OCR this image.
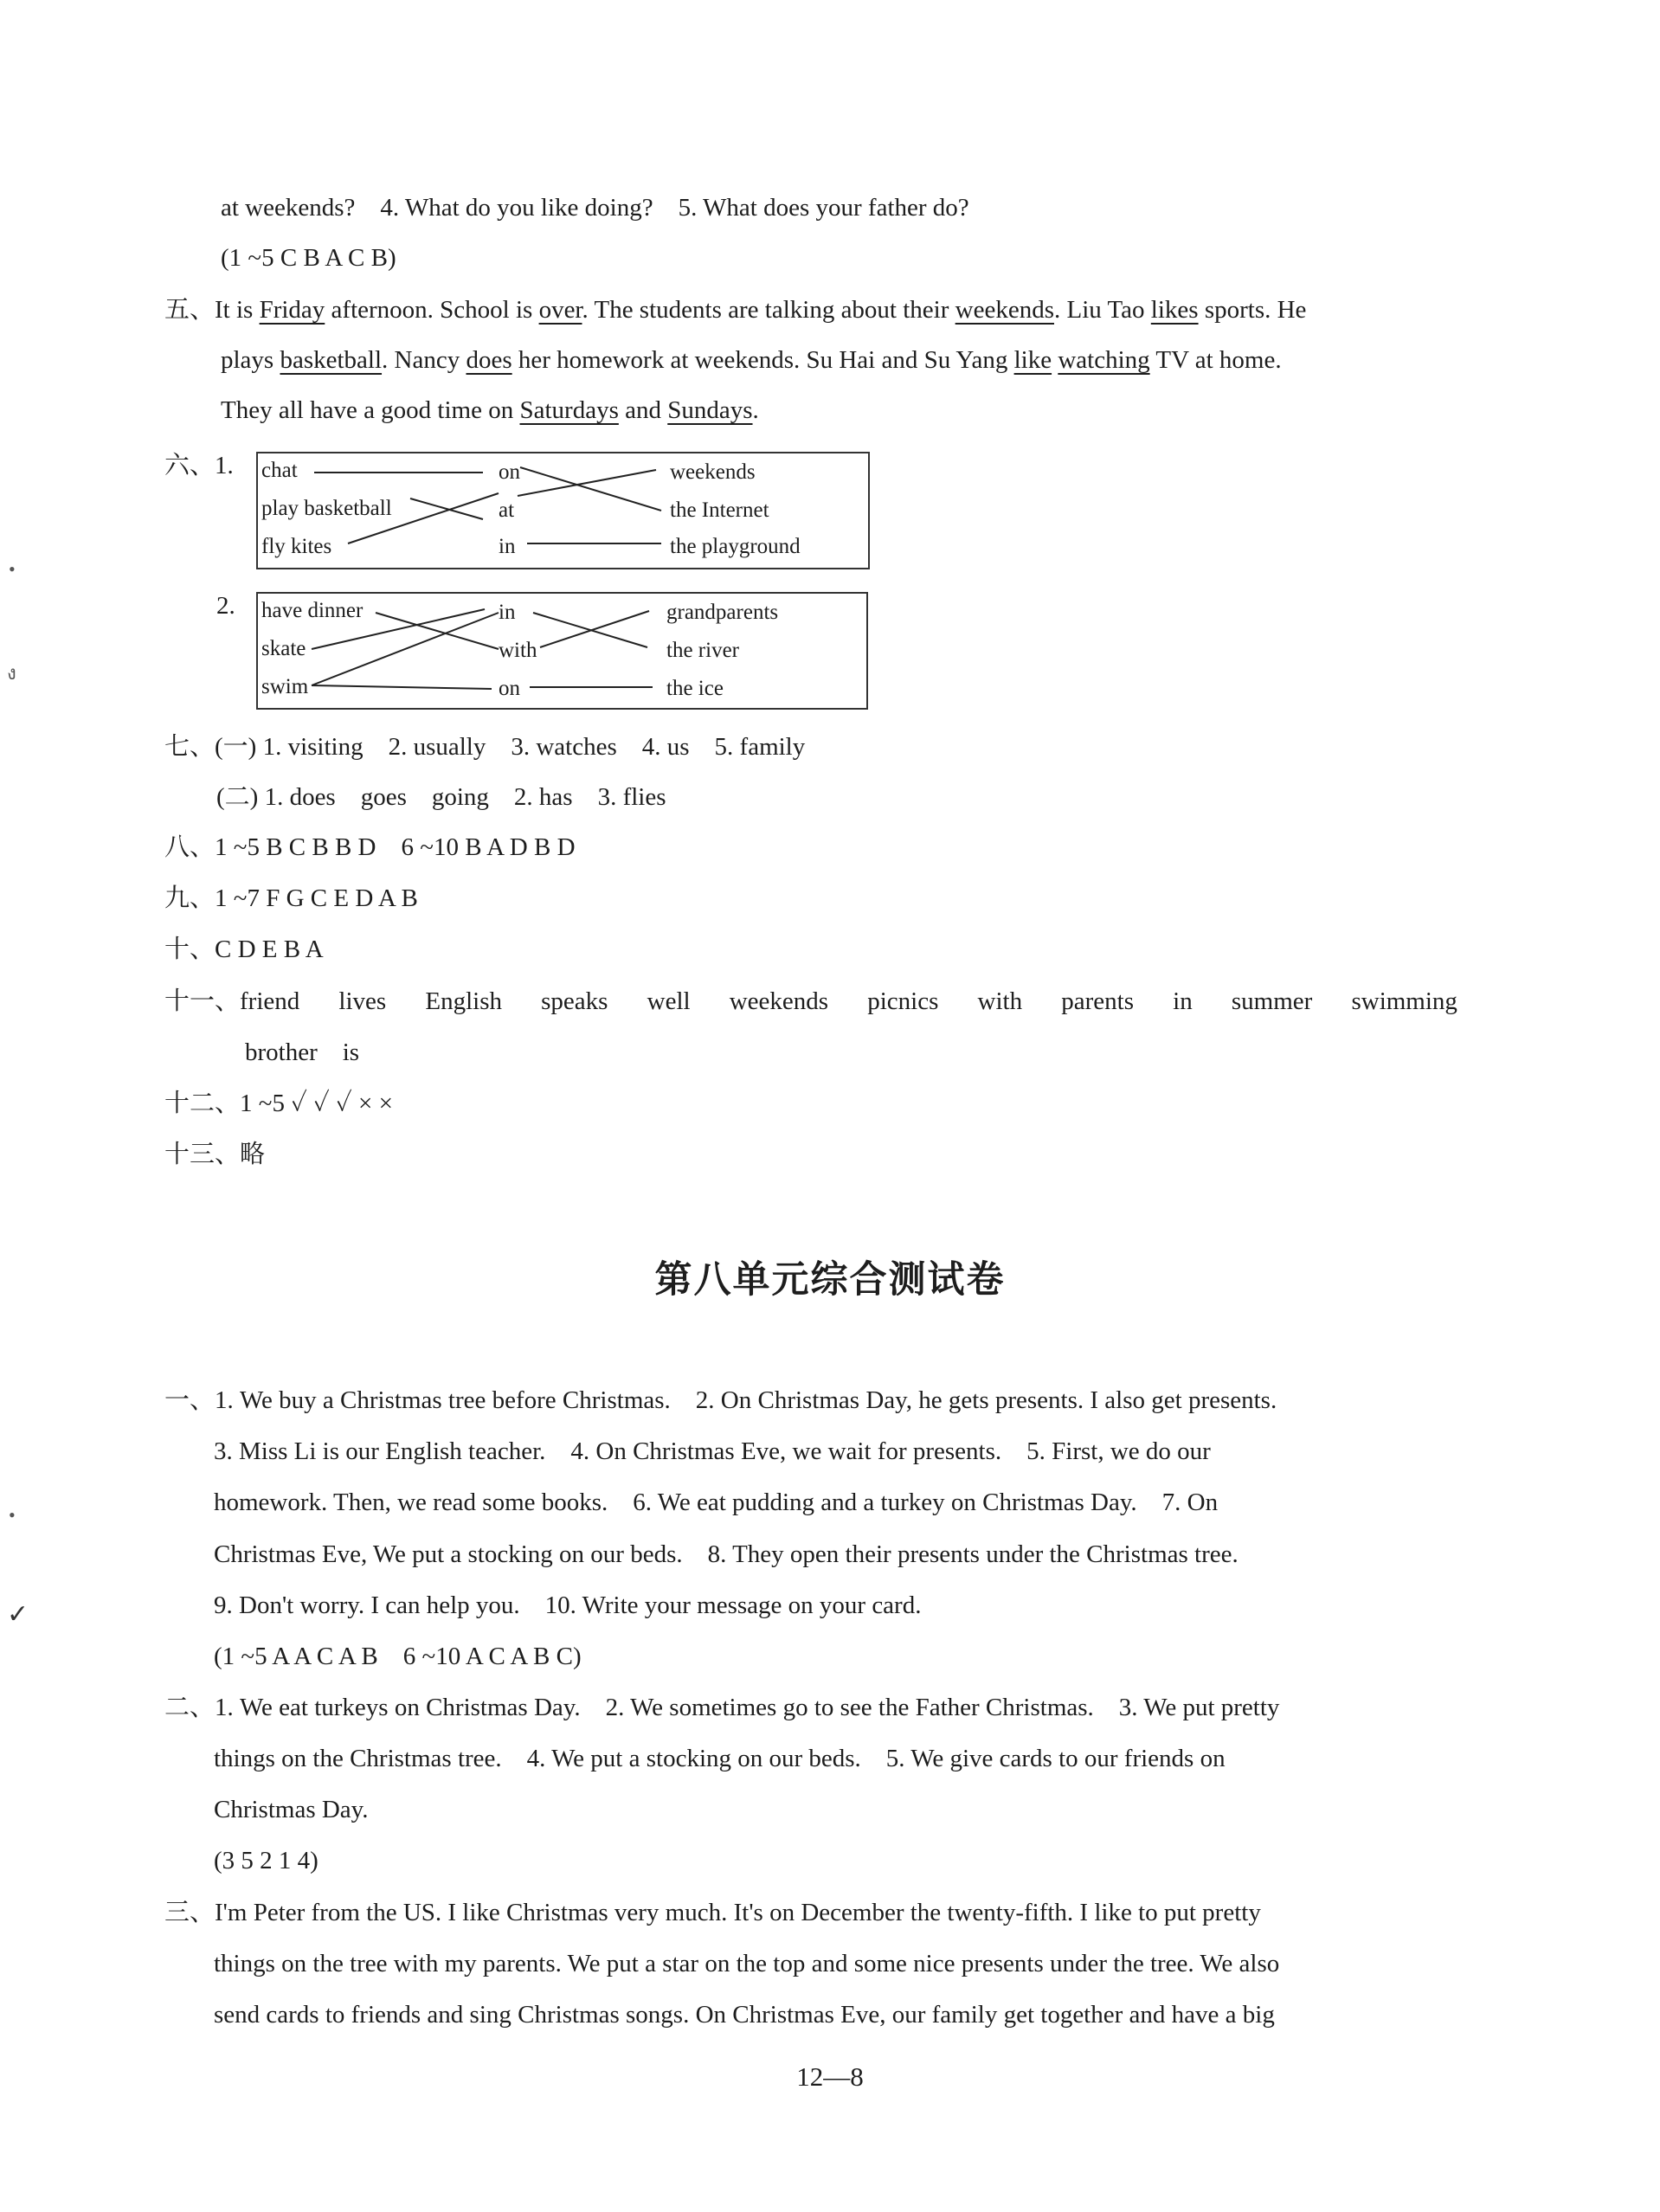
at weekends?　4. What do you like doing?　5. What does your father do?
(1 ~5 C B A C B)
五、 It is Friday afternoon. School is over. The students are talking about their weekends. Liu Tao likes sports. He
plays basketball. Nancy does her homework at weekends. Su Hai and Su Yang like watching TV at home.
They all have a good time on Saturdays and Sundays.
六、1. chat
play basketball
fly kites
on
at
in
weekends
the Internet
the playground
2. have dinner
skate
swim
in
with
on
grandparents
the river
the ice
七、(一) 1. visiting　2. usually　3. watches　4. us　5. family
(二) 1. does　goes　going　2. has　3. flies
八、1 ~5 B C B B D　6 ~10 B A D B D
九、1 ~7 F G C E D A B
十、C D E B A
十一、 friend lives English speaks well weekends picnics with parents in summer swimming
brother　is
十二、1 ~5 ✓ ✓ ✓ × ×
十三、略
第八单元综合测试卷
一、1. We buy a Christmas tree before Christmas.　2. On Christmas Day, he gets presents. I also get presents.
3. Miss Li is our English teacher.　4. On Christmas Eve, we wait for presents.　5. First, we do our
homework. Then, we read some books.　6. We eat pudding and a turkey on Christmas Day.　7. On
Christmas Eve, We put a stocking on our beds.　8. They open their presents under the Christmas tree.
9. Don't worry. I can help you.　10. Write your message on your card.
(1 ~5 A A C A B　6 ~10 A C A B C)
二、1. We eat turkeys on Christmas Day.　2. We sometimes go to see the Father Christmas.　3. We put pretty
things on the Christmas tree.　4. We put a stocking on our beds.　5. We give cards to our friends on
Christmas Day.
(3 5 2 1 4)
三、I'm Peter from the US. I like Christmas very much. It's on December the twenty-fifth. I like to put pretty
things on the tree with my parents. We put a star on the top and some nice presents under the tree. We also
send cards to friends and sing Christmas songs. On Christmas Eve, our family get together and have a big
12—8
•
ง
•
✓
